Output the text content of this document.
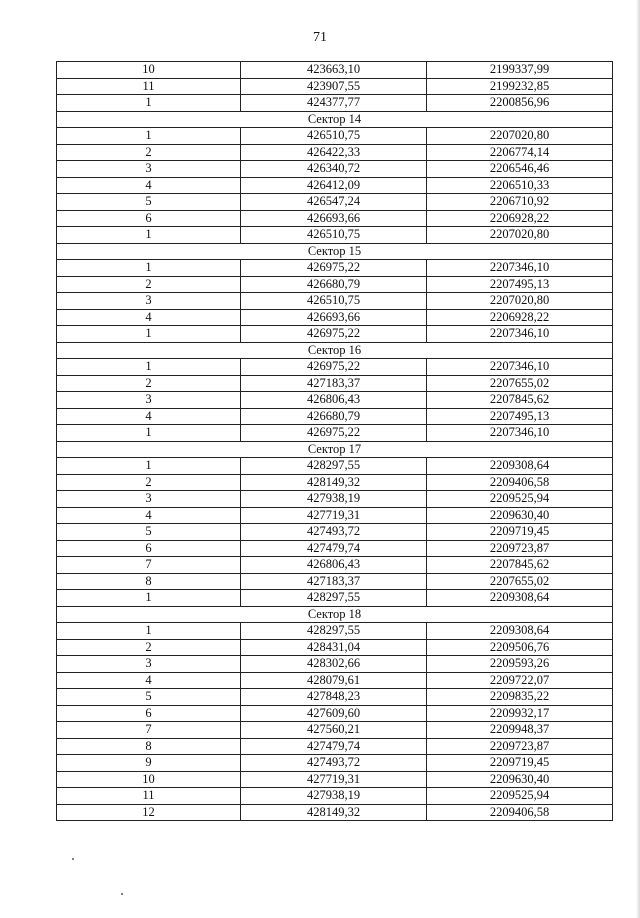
71
10	423663,10	2199337,99
11	423907,55	2199232,85
1	424377,77	2200856,96
Сектор 14		
1	426510,75	2207020,80
2	426422,33	2206774,14
3	426340,72	2206546,46
4	426412,09	2206510,33
5	426547,24	2206710,92
6	426693,66	2206928,22
1	426510,75	2207020,80
Сектор 15		
1	426975,22	2207346,10
2	426680,79	2207495,13
3	426510,75	2207020,80
4	426693,66	2206928,22
1	426975,22	2207346,10
Сектор 16		
1	426975,22	2207346,10
2	427183,37	2207655,02
3	426806,43	2207845,62
4	426680,79	2207495,13
1	426975,22	2207346,10
Сектор 17		
1	428297,55	2209308,64
2	428149,32	2209406,58
3	427938,19	2209525,94
4	427719,31	2209630,40
5	427493,72	2209719,45
6	427479,74	2209723,87
7	426806,43	2207845,62
8	427183,37	2207655,02
1	428297,55	2209308,64
Сектор 18		
1	428297,55	2209308,64
2	428431,04	2209506,76
3	428302,66	2209593,26
4	428079,61	2209722,07
5	427848,23	2209835,22
6	427609,60	2209932,17
7	427560,21	2209948,37
8	427479,74	2209723,87
9	427493,72	2209719,45
10	427719,31	2209630,40
11	427938,19	2209525,94
12	428149,32	2209406,58
